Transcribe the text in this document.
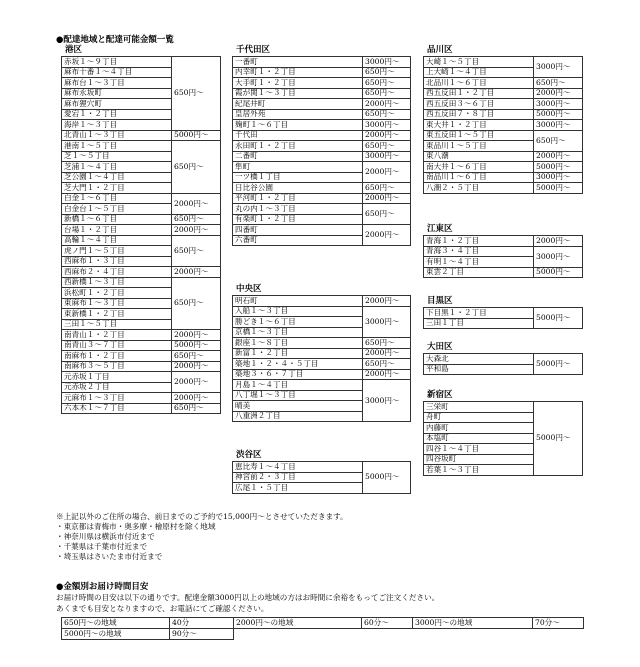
●配達地域と配達可能金額一覧
港区
赤坂１～９丁目	650円～
麻布十番１～４丁目	
麻布台１～３丁目	
麻布永坂町	
麻布狸穴町	
愛宕１・２丁目	
海岸１～３丁目	
北青山１～３丁目	5000円～
港南１～５丁目	650円～
芝１～５丁目	
芝浦１～４丁目	
芝公園１～４丁目	
芝大門１・２丁目	
白金１～６丁目	2000円～
白金台１～５丁目	
新橋１～６丁目	650円～
台場１・２丁目	2000円～
高輪１～４丁目	650円～
虎ノ門１～５丁目	
西麻布１・３丁目	
西麻布２・４丁目	2000円～
西新橋１～３丁目	650円～
浜松町１・２丁目	
東麻布１～３丁目	
東新橋１・２丁目	
三田１～５丁目	
南青山１・２丁目	2000円～
南青山３～７丁目	5000円～
南麻布１・２丁目	650円～
南麻布３～５丁目	2000円～
元赤坂１丁目	2000円～
元赤坂２丁目	
元麻布１～３丁目	2000円～
六本木１～７丁目	650円～
千代田区
一番町	3000円～
内幸町１・２丁目	650円～
大手町１・２丁目	650円～
霞が関１～３丁目	650円～
紀尾井町	2000円～
皇居外苑	650円～
麹町１～６丁目	3000円～
千代田	2000円～
永田町１・２丁目	650円～
二番町	3000円～
隼町	2000円～
一ツ橋１丁目	
日比谷公園	650円～
平河町１・２丁目	2000円～
丸の内１～３丁目	650円～
有楽町１・２丁目	
四番町	2000円～
六番町	
中央区
明石町	2000円～
入船１～３丁目	3000円～
勝どき１～６丁目	
京橋１～３丁目	
銀座１～８丁目	650円～
新富１・２丁目	2000円～
築地１・２・４・５丁目	650円～
築地３・６・７丁目	2000円～
月島１～４丁目	3000円～
八丁堀１～３丁目	
晴美	
八重洲２丁目	
渋谷区
恵比寿１～４丁目	5000円～
神宮前２・３丁目
広尾１・５丁目
品川区
大崎１～５丁目	3000円～
上大崎１～４丁目	
北品川１～６丁目	650円～
西五反田１・２丁目	2000円～
西五反田３～６丁目	3000円～
西五反田７・８丁目	5000円～
東大井１・２丁目	3000円～
東五反田１～５丁目	650円～
東品川１～５丁目	
東八潮	2000円～
南大井１～６丁目	5000円～
南品川１～６丁目	3000円～
八潮２・５丁目	5000円～
江東区
青海１・２丁目	2000円～
青海３・４丁目	3000円～
有明１～４丁目	
東雲２丁目	5000円～
目黒区
下目黒１・２丁目	5000円～
三田１丁目
大田区
大森北	5000円～
平和島
新宿区
三栄町	5000円～
舟町
内藤町
本塩町
四谷１～４丁目
四谷坂町
若葉１～３丁目
※上記以外のご住所の場合、前日までのご予約で15,000円～とさせていただきます。
・東京都は青梅市・奥多摩・檜原村を除く地域
・神奈川県は横浜市付近まで
・千葉県は千葉市付近まで
・埼玉県はさいたま市付近まで
●金額別お届け時間目安
お届け時間の目安は以下の通りです。配達金額3000円以上の地域の方はお時間に余裕をもってご注文ください。
あくまでも目安となりますので、お電話にてご確認ください。
650円～の地域	40分	2000円～の地域	60分～	3000円～の地域	70分～
5000円～の地域	90分～				
